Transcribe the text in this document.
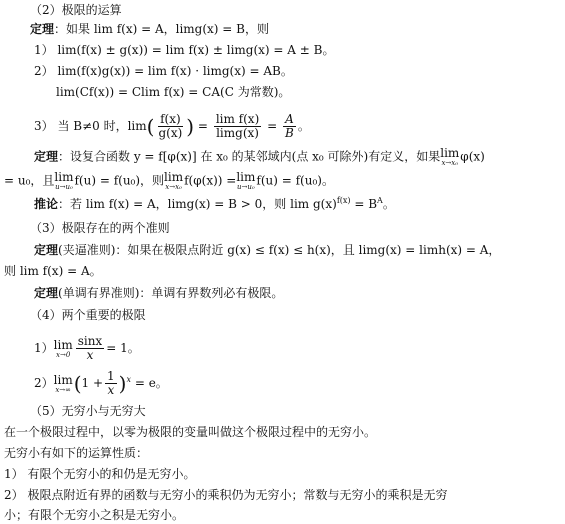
（2）极限的运算
定理：如果 lim f(x) = A，limg(x) = B，则
1） lim(f(x) ± g(x)) = lim f(x) ± limg(x) = A ± B。
2） lim(f(x)g(x)) = lim f(x) · limg(x) = AB。
lim(Cf(x)) = Clim f(x) = CA(C 为常数)。
3） 当 B≠0 时，$\lim( \frac{f(x)}{g(x)}$ ) = $\frac{\text{lim f(x)}}{\lim g(x)} = \frac{A}{B}$ 。
定理：设复合函数 y = f[φ(x)] 在 x₀ 的某邻域内(点 x₀ 可除外)有定义，如果 lim
x→x₀ φ(x)
= u₀，且 lim
u→u₀ f(u) = f(u₀)，则 lim
x→x₀ f(φ(x)) = lim
u→u₀ f(u) = f(u₀)。
推论：若 lim f(x) = A，limg(x) = B > 0，则 $\lim g(x)^{f(x)} = B^A$。
（3）极限存在的两个准则
定理(夹逼准则)：如果在极限点附近 g(x) ≤ f(x) ≤ h(x)，且 limg(x) = limh(x) = A，
则 lim f(x) = A。
定理(单调有界准则)：单调有界数列必有极限。
（4）两个重要的极限
1） lim
$x\to 0 \frac{\sin x}{x} = 1$。
2） lim
x→∞ $(1 + \frac{1}{x} )^x = e$。
（5）无穷小与无穷大
在一个极限过程中，以零为极限的变量叫做这个极限过程中的无穷小。
无穷小有如下的运算性质：
1） 有限个无穷小的和仍是无穷小。
2） 极限点附近有界的函数与无穷小的乘积仍为无穷小；常数与无穷小的乘积是无穷
小；有限个无穷小之积是无穷小。
